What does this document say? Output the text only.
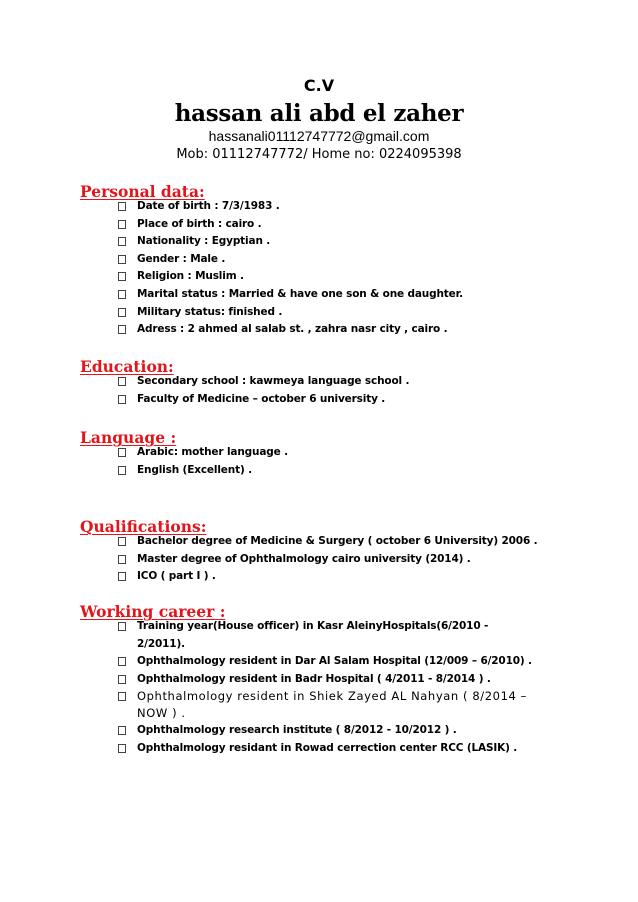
C.V
hassan ali abd el zaher
hassanali01112747772@gmail.com
Mob: 01112747772/ Home no: 0224095398
Personal data:
Date of birth : 7/3/1983 .
Place of birth : cairo .
Nationality : Egyptian .
Gender : Male .
Religion : Muslim .
Marital status : Married & have one son & one daughter.
Military status: finished .
Adress : 2 ahmed al salab st. , zahra nasr city , cairo .
Education:
Secondary school : kawmeya language school .
Faculty of Medicine – october 6 university .
Language :
Arabic: mother language .
English (Excellent) .
Qualifications:
Bachelor degree of Medicine & Surgery ( october 6 University) 2006 .
Master degree of Ophthalmology cairo university (2014) .
ICO ( part I ) .
Working career :
Training year(House officer) in Kasr AleinyHospitals(6/2010 - 2/2011).
Ophthalmology resident in Dar Al Salam Hospital (12/009 – 6/2010) .
Ophthalmology resident in Badr Hospital ( 4/2011 - 8/2014 ) .
Ophthalmology resident in Shiek Zayed AL Nahyan ( 8/2014 – NOW ) .
Ophthalmology research institute ( 8/2012 - 10/2012 ) .
Ophthalmology residant in Rowad cerrection center RCC (LASIK) .
